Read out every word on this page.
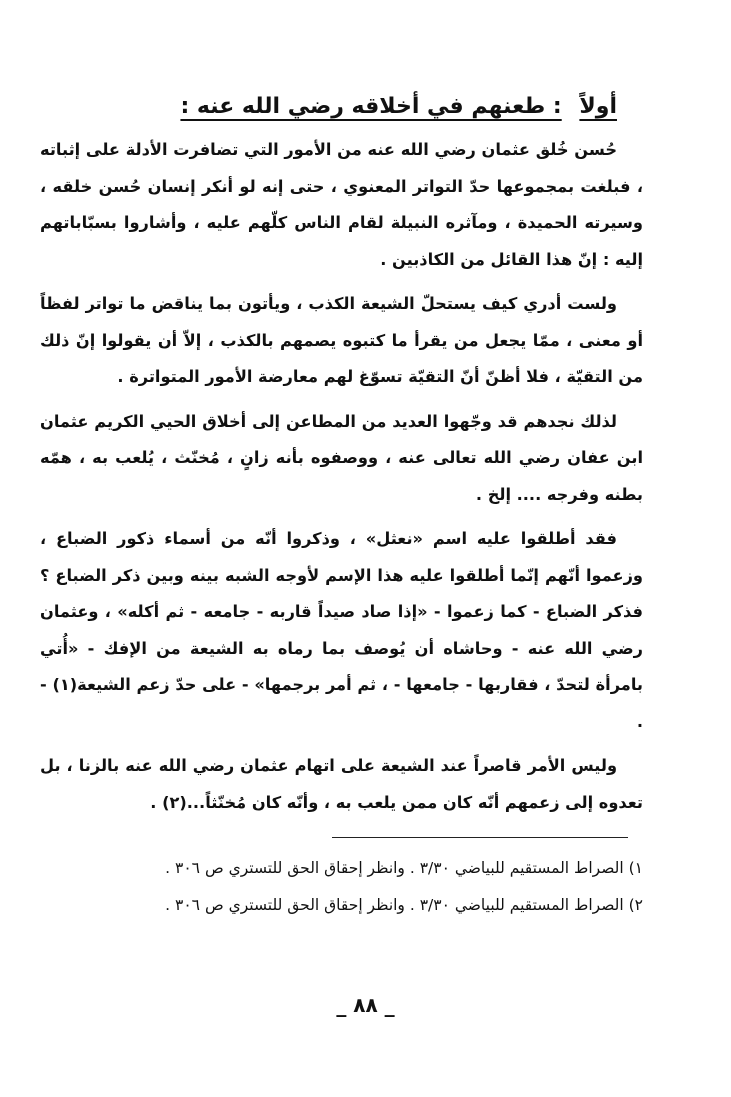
أولاً : طعنهم في أخلاقه رضي الله عنه :

حُسن خُلق عثمان رضي الله عنه من الأمور التي تضافرت الأدلة على إثباته ، فبلغت بمجموعها حدّ التواتر المعنوي ، حتى إنه لو أنكر إنسان حُسن خلقه ، وسيرته الحميدة ، ومآثره النبيلة لقام الناس كلّهم عليه ، وأشاروا بسبّاباتهم إليه : إنّ هذا القائل من الكاذبين .

ولست أدري كيف يستحلّ الشيعة الكذب ، ويأتون بما يناقض ما تواتر لفظاً أو معنى ، ممّا يجعل من يقرأ ما كتبوه يصمهم بالكذب ، إلاّ أن يقولوا إنّ ذلك من التقيّة ، فلا أظنّ أنّ التقيّة تسوّغ لهم معارضة الأمور المتواترة .

لذلك نجدهم قد وجّهوا العديد من المطاعن إلى أخلاق الحيي الكريم عثمان ابن عفان رضي الله تعالى عنه ، ووصفوه بأنه زانٍ ، مُخنّث ، يُلعب به ، همّه بطنه وفرجه .... إلخ .

فقد أطلقوا عليه اسم «نعثل» ، وذكروا أنّه من أسماء ذكور الضباع ، وزعموا أنّهم إنّما أطلقوا عليه هذا الإسم لأوجه الشبه بينه وبين ذكر الضباع ؟ فذكر الضباع - كما زعموا - «إذا صاد صيداً قاربه - جامعه - ثم أكله» ، وعثمان رضي الله عنه - وحاشاه أن يُوصف بما رماه به الشيعة من الإفك - «أُتي بامرأة لتحدّ ، فقاربها - جامعها - ، ثم أمر برجمها» - على حدّ زعم الشيعة(١) - .

وليس الأمر قاصراً عند الشيعة على اتهام عثمان رضي الله عنه بالزنا ، بل تعدوه إلى زعمهم أنّه كان ممن يلعب به ، وأنّه كان مُخنّثاً...(٢) .

١) الصراط المستقيم للبياضي ٣/٣٠ . وانظر إحقاق الحق للتستري ص ٣٠٦ .

٢) الصراط المستقيم للبياضي ٣/٣٠ . وانظر إحقاق الحق للتستري ص ٣٠٦ .

_ ٨٨ _
